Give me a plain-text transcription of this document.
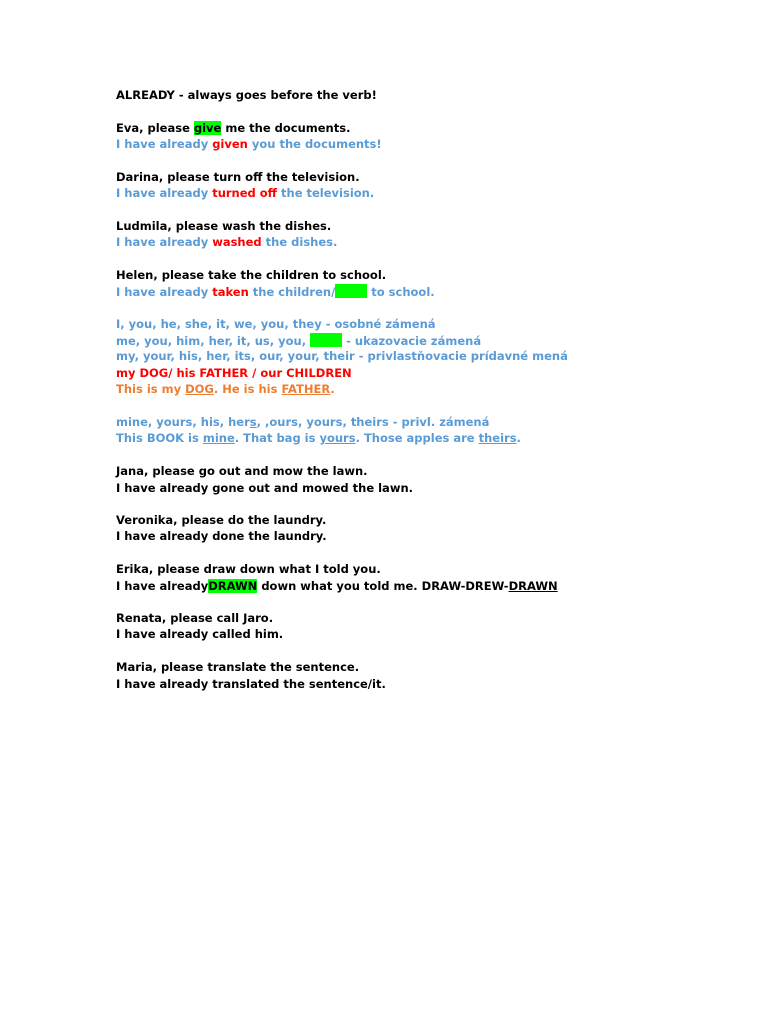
ALREADY - always goes before the verb!
Eva, please give me the documents.
I have already given you the documents!
Darina, please turn off the television.
I have already turned off the television.
Ludmila, please wash the dishes.
I have already washed the dishes.
Helen, please take the children to school.
I have already taken the children/	to school.
I, you, he, she, it, we, you, they - osobné zámená
me, you, him, her, it, us, you,	- ukazovacie zámená
my, your, his, her, its, our, your, their - privlastňovacie prídavné mená
my DOG/ his FATHER / our CHILDREN
This is my DOG. He is his FATHER.
mine, yours, his, hers, ,ours, yours, theirs - privl. zámená
This BOOK is mine. That bag is yours. Those apples are theirs.
Jana, please go out and mow the lawn.
I have already gone out and mowed the lawn.
Veronika, please do the laundry.
I have already done the laundry.
Erika, please draw down what I told you.
I have alreadyDRAWN down what you told me. DRAW-DREW-DRAWN
Renata, please call Jaro.
I have already called him.
Maria, please translate the sentence.
I have already translated the sentence/it.
